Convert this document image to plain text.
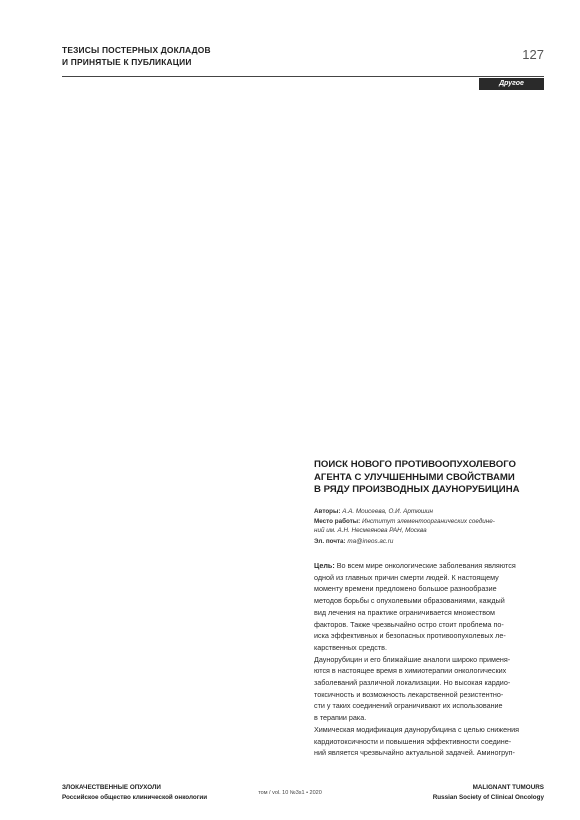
ТЕЗИСЫ ПОСТЕРНЫХ ДОКЛАДОВ
И ПРИНЯТЫЕ К ПУБЛИКАЦИИ	127
Другое
ПОИСК НОВОГО ПРОТИВООПУХОЛЕВОГО
АГЕНТА С УЛУЧШЕННЫМИ СВОЙСТВАМИ
В РЯДУ ПРОИЗВОДНЫХ ДАУНОРУБИЦИНА
Авторы: А.А. Моисеева, О.И. Артюшин
Место работы: Институт элементоорганических соедине-
ний им. А.Н. Несмеянова РАН, Москва
Эл. почта: ma@ineos.ac.ru
Цель: Во всем мире онкологические заболевания являются
одной из главных причин смерти людей. К настоящему
моменту времени предложено большое разнообразие
методов борьбы с опухолевыми образованиями, каждый
вид лечения на практике ограничивается множеством
факторов. Также чрезвычайно остро стоит проблема по-
иска эффективных и безопасных противоопухолевых ле-
карственных средств.
Даунорубицин и его ближайшие аналоги широко применя-
ются в настоящее время в химиотерапии онкологических
заболеваний различной локализации. Но высокая кардио-
токсичность и возможность лекарственной резистентно-
сти у таких соединений ограничивают их использование
в терапии рака.
Химическая модификация даунорубицина с целью снижения
кардиотоксичности и повышения эффективности соедине-
ний является чрезвычайно актуальной задачей. Аминогруп-
ЗЛОКАЧЕСТВЕННЫЕ ОПУХОЛИ
Российское общество клинической онкологии
том / vol. 10 №3s1 • 2020
MALIGNANT TUMOURS
Russian Society of Clinical Oncology
